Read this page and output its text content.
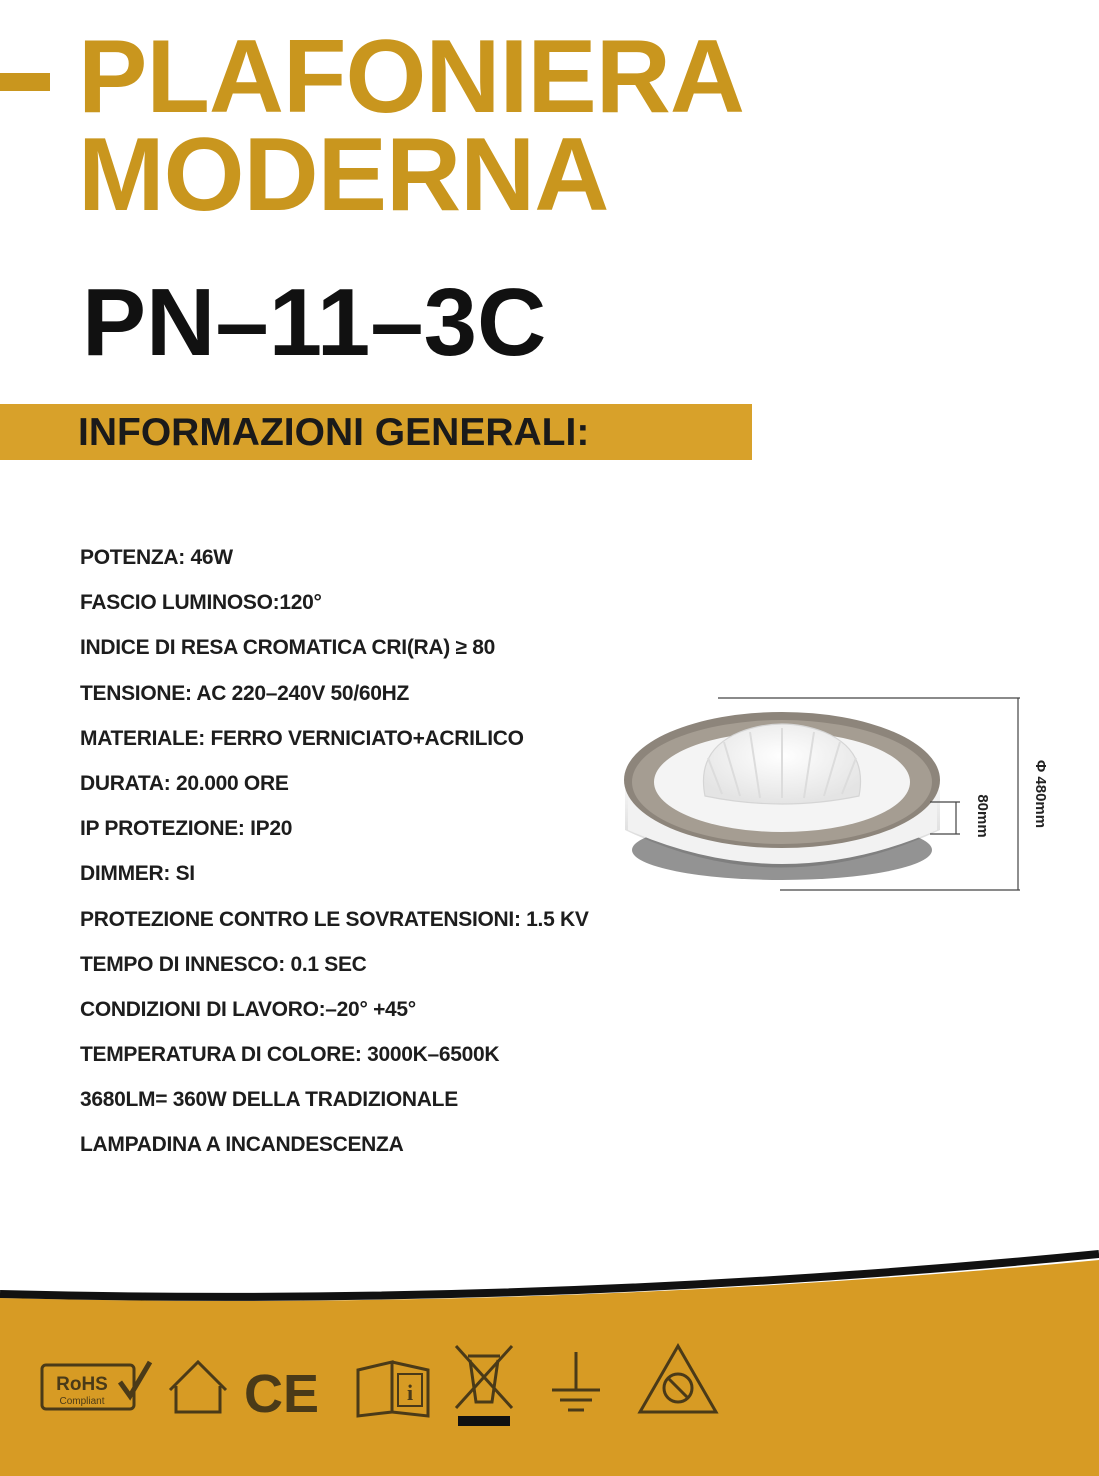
PLAFONIERA
MODERNA
PN–11–3C
INFORMAZIONI GENERALI:
POTENZA: 46W
FASCIO LUMINOSO:120°
INDICE DI RESA CROMATICA CRI(RA) ≥ 80
TENSIONE: AC 220–240V 50/60HZ
MATERIALE: FERRO VERNICIATO+ACRILICO
DURATA: 20.000 ORE
IP PROTEZIONE: IP20
DIMMER: SI
PROTEZIONE CONTRO LE SOVRATENSIONI: 1.5 KV
TEMPO DI INNESCO: 0.1 SEC
CONDIZIONI DI LAVORO:–20° +45°
TEMPERATURA DI COLORE: 3000K–6500K
3680LM= 360W DELLA TRADIZIONALE
LAMPADINA A INCANDESCENZA
80mm	Φ 480mm
RoHS
Compliant	CE	i
